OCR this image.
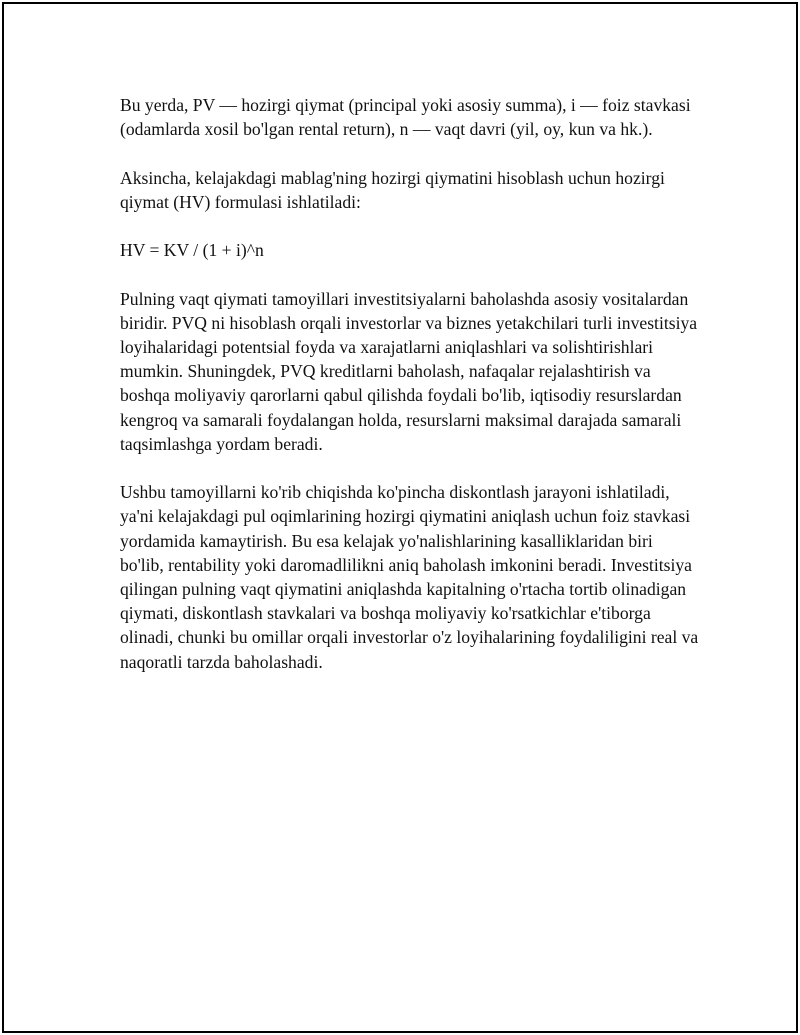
Bu yerda, PV — hozirgi qiymat (principal yoki asosiy summa), i — foiz stavkasi (odamlarda xosil bo'lgan rental return), n — vaqt davri (yil, oy, kun va hk.).

Aksincha, kelajakdagi mablag'ning hozirgi qiymatini hisoblash uchun hozirgi qiymat (HV) formulasi ishlatiladi:

HV = KV / (1 + i)^n

Pulning vaqt qiymati tamoyillari investitsiyalarni baholashda asosiy vositalardan biridir. PVQ ni hisoblash orqali investorlar va biznes yetakchilari turli investitsiya loyihalaridagi potentsial foyda va xarajatlarni aniqlashlari va solishtirishlari mumkin. Shuningdek, PVQ kreditlarni baholash, nafaqalar rejalashtirish va boshqa moliyaviy qarorlarni qabul qilishda foydali bo'lib, iqtisodiy resurslardan kengroq va samarali foydalangan holda, resurslarni maksimal darajada samarali taqsimlashga yordam beradi.

Ushbu tamoyillarni ko'rib chiqishda ko'pincha diskontlash jarayoni ishlatiladi, ya'ni kelajakdagi pul oqimlarining hozirgi qiymatini aniqlash uchun foiz stavkasi yordamida kamaytirish. Bu esa kelajak yo'nalishlarining kasalliklaridan biri bo'lib, rentability yoki daromadlilikni aniq baholash imkonini beradi. Investitsiya qilingan pulning vaqt qiymatini aniqlashda kapitalning o'rtacha tortib olinadigan qiymati, diskontlash stavkalari va boshqa moliyaviy ko'rsatkichlar e'tiborga olinadi, chunki bu omillar orqali investorlar o'z loyihalarining foydaliligini real va naqoratli tarzda baholashadi.
